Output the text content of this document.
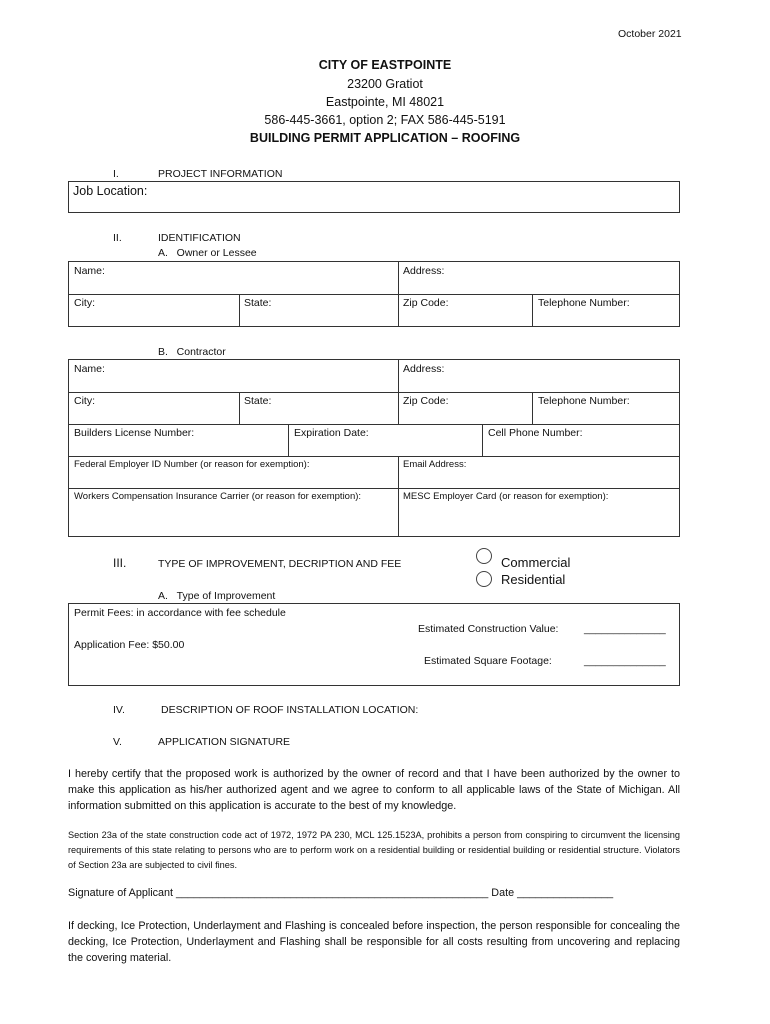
October 2021
CITY OF EASTPOINTE
23200 Gratiot
Eastpointe, MI 48021
586-445-3661, option 2; FAX 586-445-5191
BUILDING PERMIT APPLICATION – ROOFING
I.	PROJECT INFORMATION
Job Location:
II.	IDENTIFICATION
A.   Owner or Lessee
Name:	Address:
City:	State:	Zip Code:	Telephone Number:
B.   Contractor
Name:	Address:
City:	State:	Zip Code:	Telephone Number:
Builders License Number:	Expiration Date:	Cell Phone Number:
Federal Employer ID Number (or reason for exemption):	Email Address:
Workers Compensation Insurance Carrier (or reason for exemption):	MESC Employer Card (or reason for exemption):
III.	TYPE OF IMPROVEMENT, DECRIPTION AND FEE	Commercial
Residential
A.   Type of Improvement
Permit Fees: in accordance with fee schedule
Estimated Construction Value: ______________
Application Fee: $50.00
Estimated Square Footage:	______________
IV.	DESCRIPTION OF ROOF INSTALLATION LOCATION:
V.	APPLICATION SIGNATURE
I hereby certify that the proposed work is authorized by the owner of record and that I have been authorized by the owner to make this application as his/her authorized agent and we agree to conform to all applicable laws of the State of Michigan. All information submitted on this application is accurate to the best of my knowledge.
Section 23a of the state construction code act of 1972, 1972 PA 230, MCL 125.1523A, prohibits a person from conspiring to circumvent the licensing requirements of this state relating to persons who are to perform work on a residential building or residential building or residential structure. Violators of Section 23a are subjected to civil fines.
Signature of Applicant ____________________________________________________ Date ________________
If decking, Ice Protection, Underlayment and Flashing is concealed before inspection, the person responsible for concealing the decking, Ice Protection, Underlayment and Flashing shall be responsible for all costs resulting from uncovering and replacing the covering material.
